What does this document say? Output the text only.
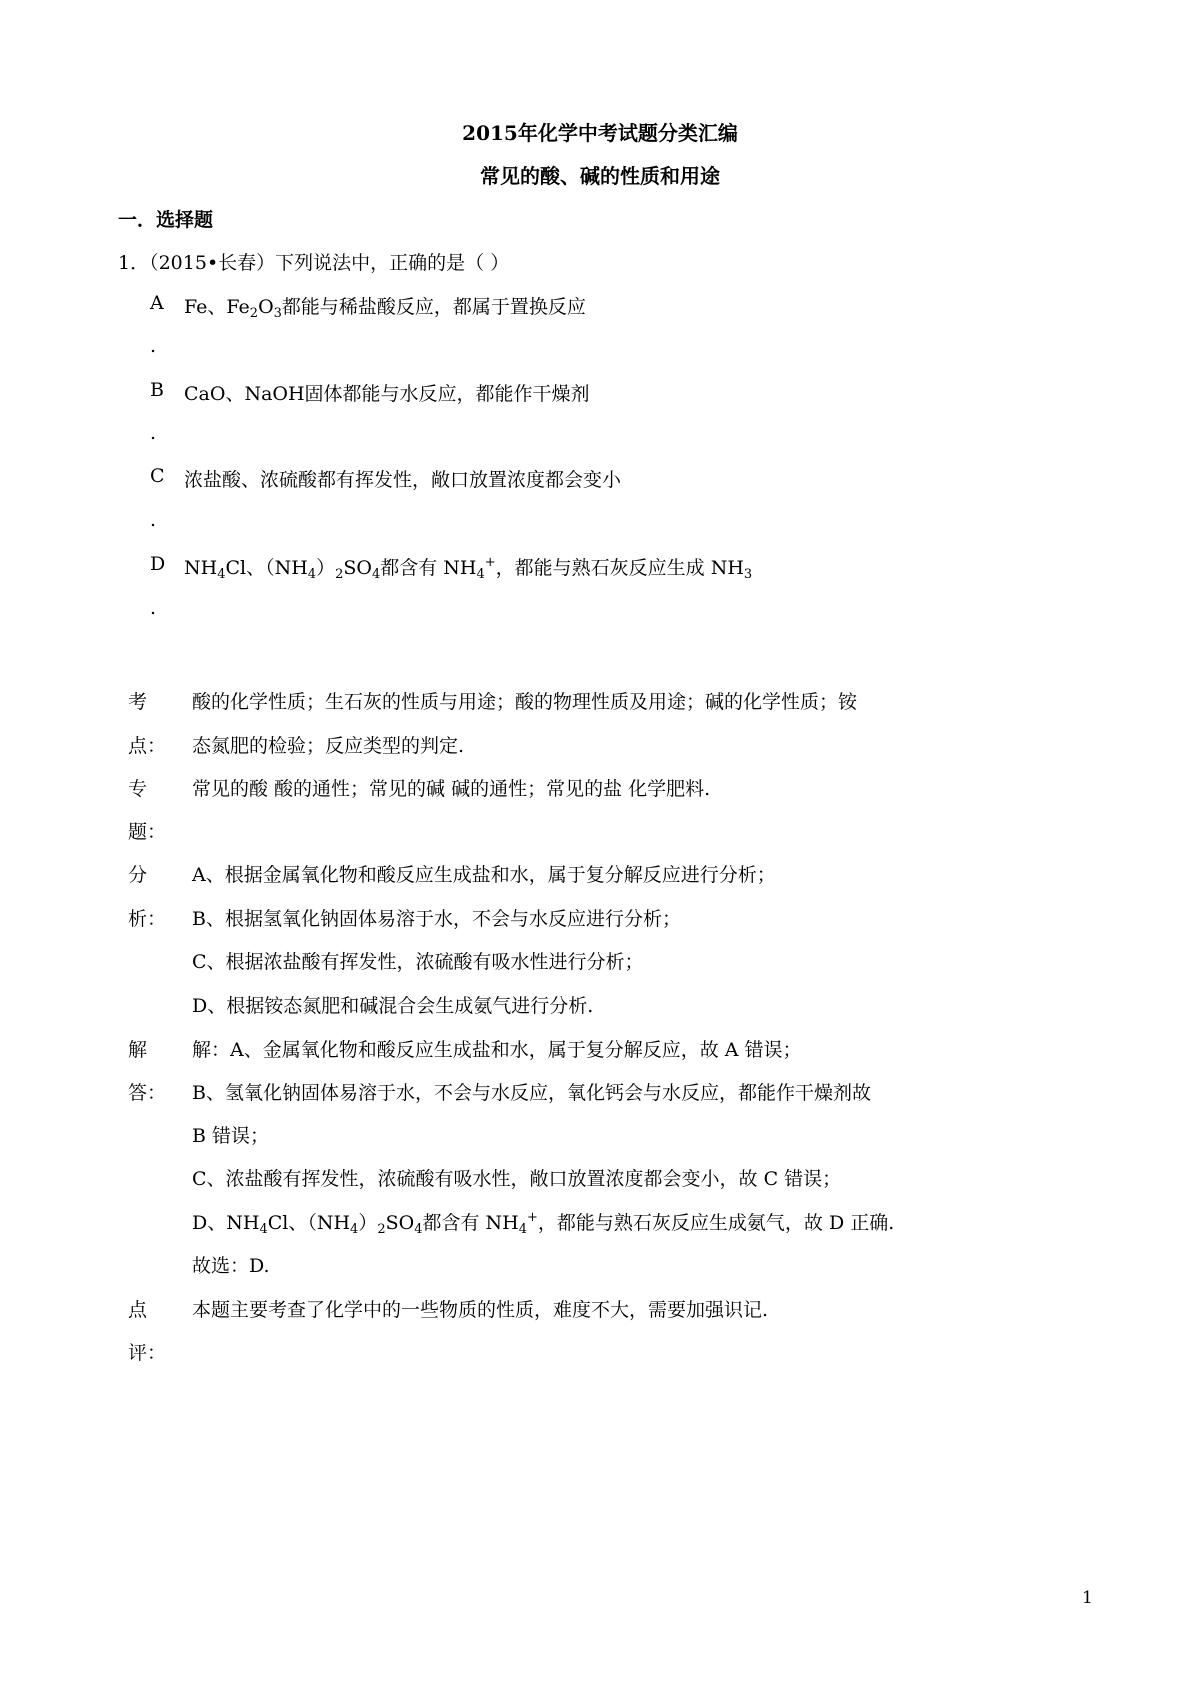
2015年化学中考试题分类汇编
常见的酸、碱的性质和用途
一．选择题
1．（2015•长春）下列说法中，正确的是（ ）
A Fe、$Fe_2O_3$都能与稀盐酸反应，都属于置换反应
.
B CaO、NaOH固体都能与水反应，都能作干燥剂
.
C 浓盐酸、浓硫酸都有挥发性，敞口放置浓度都会变小
.
D $NH_4Cl$、$(NH_4)_2SO_4$都含有 $NH_4^+$，都能与熟石灰反应生成 $NH_3$
.
考
点：
酸的化学性质；生石灰的性质与用途；酸的物理性质及用途；碱的化学性质；铵
态氮肥的检验；反应类型的判定.
专
题：
常见的酸 酸的通性；常见的碱 碱的通性；常见的盐 化学肥料.
分
析：
A、根据金属氧化物和酸反应生成盐和水，属于复分解反应进行分析；
B、根据氢氧化钠固体易溶于水，不会与水反应进行分析；
C、根据浓盐酸有挥发性，浓硫酸有吸水性进行分析；
D、根据铵态氮肥和碱混合会生成氨气进行分析.
解
答：
解：A、金属氧化物和酸反应生成盐和水，属于复分解反应，故 A 错误；
B、氢氧化钠固体易溶于水，不会与水反应，氧化钙会与水反应，都能作干燥剂故
B 错误；
C、浓盐酸有挥发性，浓硫酸有吸水性，敞口放置浓度都会变小，故 C 错误；
D、$NH_4Cl$、$(NH_4)_2SO_4$都含有 $NH_4^+$，都能与熟石灰反应生成氨气，故 D 正确.
故选：D.
点
评：
本题主要考查了化学中的一些物质的性质，难度不大，需要加强识记.
1
